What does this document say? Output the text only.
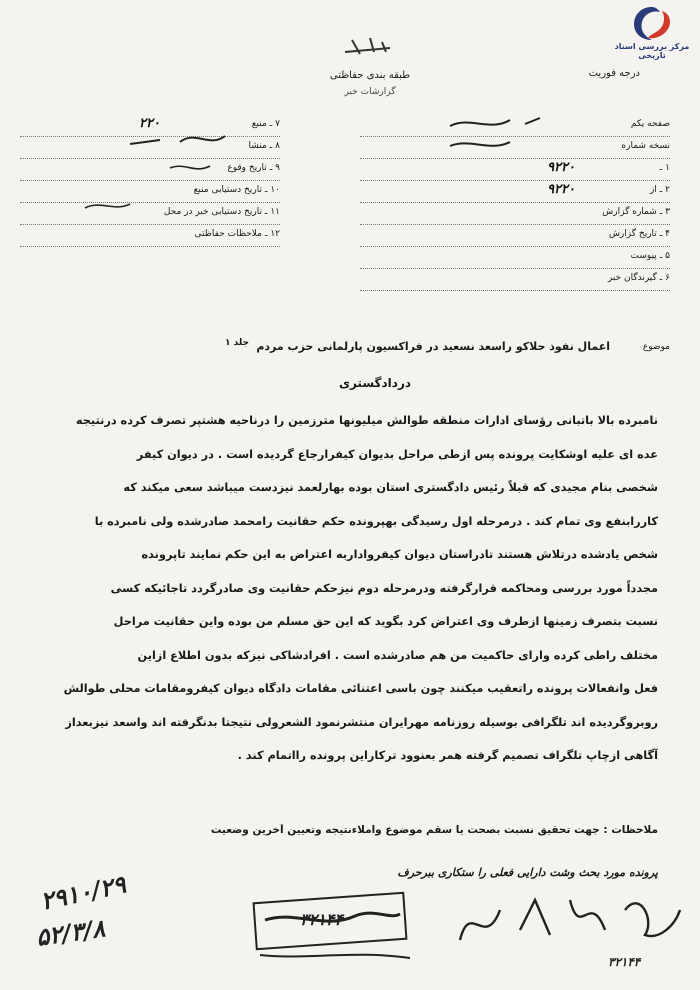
مرکز بررسی اسناد تاریخی
طبقه بندی حفاظتی
گزارشات خبر
درجه فوریت
صفحه یکم
نسخه شماره
۱ ـ
۹۲۲۰
۲ ـ از
۹۲۲۰
۳ ـ شماره گزارش
۴ ـ تاریخ گزارش
۵ ـ پیوست
۶ ـ گیرندگان خبر
۷ ـ منبع
۲۲۰
۸ ـ منشا
۹ ـ تاریخ وقوع
۱۰ ـ تاریخ دستیابی منبع
۱۱ ـ تاریخ دستیابی خبر در محل
۱۲ ـ ملاحظات حفاظتی
موضوع
اعمال نفوذ حلاکو راسعد نسعید در فراکسیون پارلمانی حزب مردم
جلد ۱
دردادگستری

نامبرده بالا باتبانی رؤسای ادارات منطقه طوالش میلیونها مترزمین را درناحیه هشتپر تصرف کرده درنتیجه

عده ای علیه اوشکایت پرونده پس ازطی مراحل بدیوان کیفرارجاع گردیده است . در دیوان کیفر

شخصی بنام مجیدی که قبلاً رئیس دادگستری استان بوده بهارلعمد نیزدست میباشد سعی میکند که

کاررابنفع وی تمام کند . درمرحله اول رسیدگی بهپرونده حکم حقانیت رامحمد صادرشده ولی نامبرده با

شخص یادشده درتلاش هستند تادراستان دیوان کیفرواداربه اعتراض به این حکم نمایند تاپرونده

مجدداً مورد بررسی ومحاکمه قرارگرفته ودرمرحله دوم نیزحکم حقانیت وی صادرگردد تاجائیکه کسی

نسبت بتصرف زمینها ازطرف وی اعتراض کرد بگوید که این حق مسلم من بوده واین حقانیت مراحل

مختلف راطی کرده وارای حاکمیت من هم صادرشده است . افرادشاکی نیزکه بدون اطلاع ازاین

فعل وانفعالات پرونده راتعقیب میکنند چون باسی اعتنائی مقامات دادگاه دیوان کیفرومقامات محلی طوالش

روبروگردیده اند تلگرافی بوسیله روزنامه مهرایران منتشرنمود الشعرولی نتیجتا بدنگرفته اند واسعد نیزبعداز

آگاهی ازچاپ تلگراف تصمیم گرفته همر بعنوود ترکاراین پرونده رااتمام کند .

ملاحظات : جهت تحقیق نسبت بصحت یا سقم موضوع واملاءنتیجه وتعیین آخرین وضعیت
پرونده مورد بحث وشت دارایی فعلی را ستکاری ببرحرف
۲۹۱۰/۲۹
۵۲/۳/۸	۳۲۱۴۴
۳۲۱۴۴
